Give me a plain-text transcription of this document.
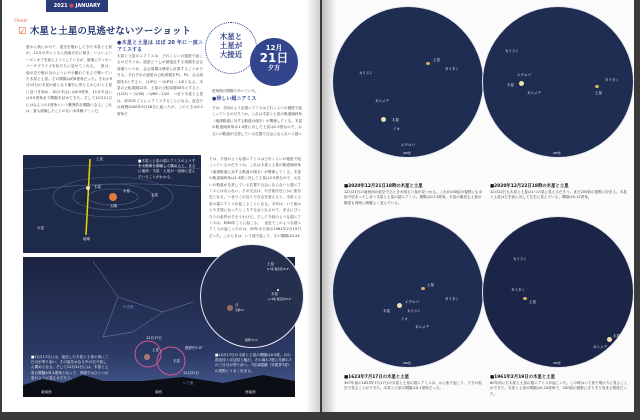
2021 ● JANUARY
Check!
☑ 木星と土星の見逃せないツーショット
夏から秋にかけて、夜空を賑わしてきた木星と土星が、12月の声とともに西南の空に傾き、いよいよシーズンオフを迎えようとしているが、最後にディセンバーサプライズを私たちに見せてくれる。　夏は、南の空で親の目のようにやや離れてまんで輝いていた木星と土星。その間隔は約8度角だった。それが9月13日の木星が留となり順行に戻りじわじわと土星に近づき始め、10月半ばには6.5度角、11月半ばには3.5度角まで間隔を詰めてきた。そして12月21日にはなんと0.1度角という驚異的な間隔になる。これは、誰も経験したことのない未体験ゾーンだ。
●木星と土星は ほぼ 20 年に一度ニアミスする
木星と土星のニアミスは、どれくらいの頻度で起こるのだろうか。惑星どうしが最接近する周期を会合周期というが、会合周期は簡単に計算することができる。それぞれの惑星の公転周期をP1、P2、会合周期をSとすると、(1/P1) − (1/P2) ＝1/Sとなる。木星の公転周期12年、土星の公転周期30年とすると、(1/12) − (1/30) ＝3/60＝1/20　つまり木星と土星は、約20年ごとにニアミスすることになる。直近では西暦2000年5月28日に起ったが、このときは0.1度角で
木星と
土星が
大接近
12月
21日
夕方
度角程の間隔であいていた。
●珍しい超ニアミス
では、今回のような超ニアミスはどれくらいの頻度で起こっているのだろうか。これは木星と土星の軌道傾斜角（地球軌道に対する軌道の傾き）が関係してくる。木星の軌道傾斜角は1.3度に対して土星は2.5度なので、お互いの軌道が交差している位置で合会にならないと超ニ　
では、今回のような超ニアミスはどれくらいの頻度で起こっているのだろうか。これは木星と土星の軌道傾斜角（地球軌道に対する軌道の傾き）が関係してくる。木星の軌道傾斜角は1.3度に対して土星は2.5度なので、お互いの軌道が交差している位置で合会にならないと超ニアミスにはならない。その交点は、やぎ座付近とかに座付近となる。つまりこの辺りで合会を迎えると、木星と土星の超ニアミスが起こることになる。今年は、いて座からやぎ座になったところで合会となるので、まさにぴったりの条件がそろうわけだ。そして今回のような超ニアミスは、約60年ごとに起こる。　直近でこのような超ニアミスが起こったのは、59年ほど前の1961年2月19日だった。このときは、いて座で起こり、その間隔は0.24
土星
木星
地球
太陽
水星
金星
火星
■木星と土星の超ニアミスのようすを太陽系を俯瞰して眺めると、まさに地球・木星・土星が一直線に並んでいることがわかる。
12月17日
12月21日
土星
木星
視野円7.0°
やぎ座
いて座
南南西	南西	西南西
■12月17日には、接近した木星と土星の傍に三日月が寄り添い、その姿をめなる中の空で楽しん間めとなる。そして12月21日には、木星と土星の間隔が0.1度角となって、肉眼ではひとつの星のように見えるだろう。
■12月17日の木星と土星の間隔は0.5度。月の視直径とほぼ同じ幅だ。その南3.7度に月齢2.7の三日月が寄り添う。7倍双眼鏡（実視界7度）の視野にうまく収まる。
土星
0.7等 視直径15.3"
木星
−1.9等 視直径33.4"
月
月齢2.7
視野円7.0°
土星
タイタン
カリスト
ガニメデ
木星
イオ
エウロパ
200倍
■2020年12月21日18時の木星と土星
12月21日の南西西の低空でひときわ明るい星が見つかる。これが200倍の視野にも余裕で収まってしまう木星と土星の超ニアミス。間隔は0.11度角。木星の衛星も土星の衛星も同時に綺麗よく並んでいる。
カリスト
エウロパ
木星
ガニメデ
タイタン
土星
200倍
■2020年12月22日18時の木星と土星
12月22日も木星と土星は1つの星に見えるだろう。まだ200倍の視野に収まる。木星と土星は左手前に対して左右に並んでいる。間隔は0.12度角。
木星
土星
エウロパ
カリスト
イオ
ガニメデ
タイタン
200倍
■1623年7月17日の木星と土星
397年前の1623年7月17日の木星と土星の超ニアミスは、かに座で起こり、夕方の低空で見ることができた。木星と土星の間隔は0.1度角だった。
カリスト
タイタン
土星
木星
ガニメデ
200倍
■1961年2月19日の木星と土星
60年前にも木星と土星の超ニアミスが起こった。この時はいて座で明け方に見ることができた。木星と土星の間隔は0.24度角で、200倍の視野にぎりぎり収まる程度だった。
